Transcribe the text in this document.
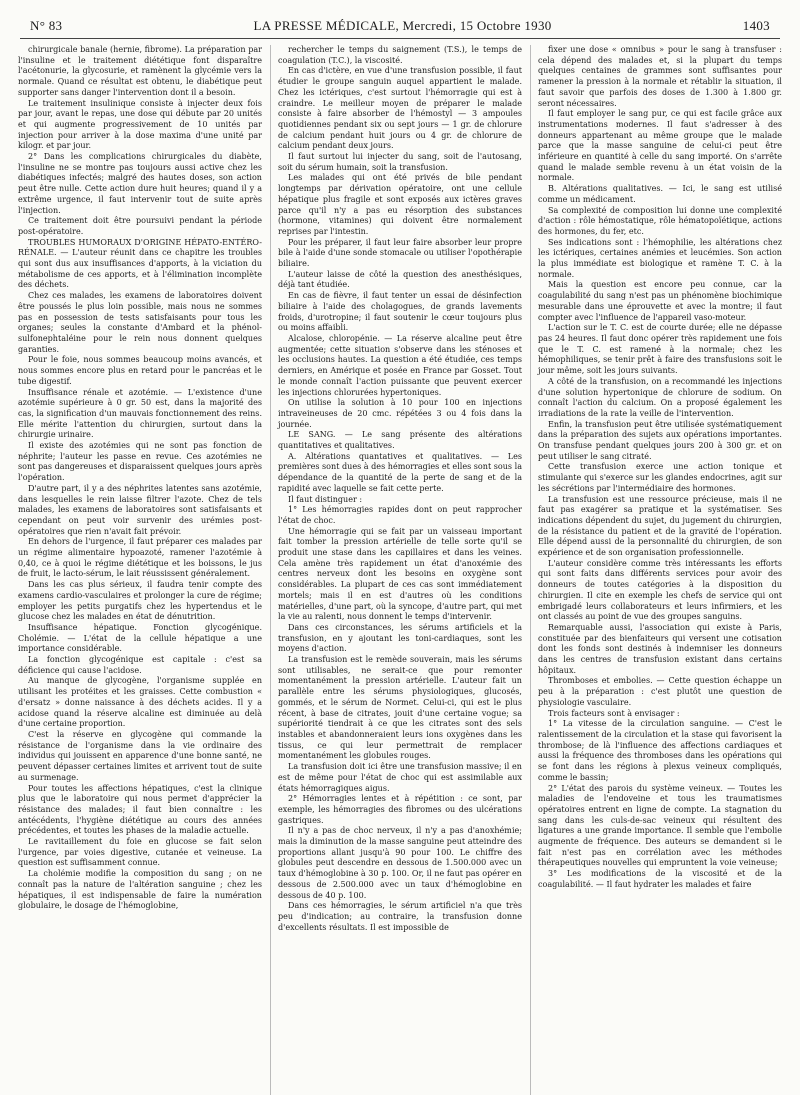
N° 83	LA PRESSE MÉDICALE, Mercredi, 15 Octobre 1930	1403

chirurgicale banale (hernie, fibrome). La préparation par l'insuline et le traitement diététique font disparaître l'acétonurie, la glycosurie, et ramènent la glycémie vers la normale. Quand ce résultat est obtenu, le diabétique peut supporter sans danger l'intervention dont il a besoin.

Le traitement insulinique consiste à injecter deux fois par jour, avant le repas, une dose qui débute par 20 unités et qui augmente progressivement de 10 unités par injection pour arriver à la dose maxima d'une unité par kilogr. et par jour.

2° Dans les complications chirurgicales du diabète, l'insuline ne se montre pas toujours aussi active chez les diabétiques infectés; malgré des hautes doses, son action peut être nulle. Cette action dure huit heures; quand il y a extrême urgence, il faut intervenir tout de suite après l'injection.

Ce traitement doit être poursuivi pendant la période post-opératoire.

TROUBLES HUMORAUX D'ORIGINE HÉPATO-ENTÉRO-RÉNALE. — L'auteur réunit dans ce chapitre les troubles qui sont dus aux insuffisances d'apports, à la viciation du métabolisme de ces apports, et à l'élimination incomplète des déchets.

Chez ces malades, les examens de laboratoires doivent être poussés le plus loin possible, mais nous ne sommes pas en possession de tests satisfaisants pour tous les organes; seules la constante d'Ambard et la phénol-sulfonephtaléine pour le rein nous donnent quelques garanties.

Pour le foie, nous sommes beaucoup moins avancés, et nous sommes encore plus en retard pour le pancréas et le tube digestif.

Insuffisance rénale et azotémie. — L'existence d'une azotémie supérieure à 0 gr. 50 est, dans la majorité des cas, la signification d'un mauvais fonctionnement des reins. Elle mérite l'attention du chirurgien, surtout dans la chirurgie urinaire.

Il existe des azotémies qui ne sont pas fonction de néphrite; l'auteur les passe en revue. Ces azotémies ne sont pas dangereuses et disparaissent quelques jours après l'opération.

D'autre part, il y a des néphrites latentes sans azotémie, dans lesquelles le rein laisse filtrer l'azote. Chez de tels malades, les examens de laboratoires sont satisfaisants et cependant on peut voir survenir des urémies post-opératoires que rien n'avait fait prévoir.

En dehors de l'urgence, il faut préparer ces malades par un régime alimentaire hypoazoté, ramener l'azotémie à 0,40, ce à quoi le régime diététique et les boissons, le jus de fruit, le lacto-sérum, le lait réussissent généralement.

Dans les cas plus sérieux, il faudra tenir compte des examens cardio-vasculaires et prolonger la cure de régime; employer les petits purgatifs chez les hypertendus et le glucose chez les malades en état de dénutrition.

Insuffisance hépatique. Fonction glycogénique. Cholémie. — L'état de la cellule hépatique a une importance considérable.

La fonction glycogénique est capitale : c'est sa déficience qui cause l'acidose.

Au manque de glycogène, l'organisme supplée en utilisant les protéites et les graisses. Cette combustion « d'ersatz » donne naissance à des déchets acides. Il y a acidose quand la réserve alcaline est diminuée au delà d'une certaine proportion.

C'est la réserve en glycogène qui commande la résistance de l'organisme dans la vie ordinaire des individus qui jouissent en apparence d'une bonne santé, ne peuvent dépasser certaines limites et arrivent tout de suite au surmenage.

Pour toutes les affections hépatiques, c'est la clinique plus que le laboratoire qui nous permet d'apprécier la résistance des malades; il faut bien connaître : les antécédents, l'hygiène diététique au cours des années précédentes, et toutes les phases de la maladie actuelle.

Le ravitaillement du foie en glucose se fait selon l'urgence, par voies digestive, cutanée et veineuse. La question est suffisamment connue.

La cholémie modifie la composition du sang ; on ne connaît pas la nature de l'altération sanguine ; chez les hépatiques, il est indispensable de faire la numération globulaire, le dosage de l'hémoglobine,

rechercher le temps du saignement (T.S.), le temps de coagulation (T.C.), la viscosité.

En cas d'ictère, en vue d'une transfusion possible, il faut étudier le groupe sanguin auquel appartient le malade. Chez les ictériques, c'est surtout l'hémorragie qui est à craindre. Le meilleur moyen de préparer le malade consiste à faire absorber de l'hémostyl — 3 ampoules quotidiennes pendant six ou sept jours — 1 gr. de chlorure de calcium pendant huit jours ou 4 gr. de chlorure de calcium pendant deux jours.

Il faut surtout lui injecter du sang, soit de l'autosang, soit du sérum humain, soit la transfusion.

Les malades qui ont été privés de bile pendant longtemps par dérivation opératoire, ont une cellule hépatique plus fragile et sont exposés aux ictères graves parce qu'il n'y a pas eu résorption des substances (hormone, vitamines) qui doivent être normalement reprises par l'intestin.

Pour les préparer, il faut leur faire absorber leur propre bile à l'aide d'une sonde stomacale ou utiliser l'opothérapie biliaire.

L'auteur laisse de côté la question des anesthésiques, déjà tant étudiée.

En cas de fièvre, il faut tenter un essai de désinfection biliaire à l'aide des cholagogues, de grands lavements froids, d'urotropine; il faut soutenir le cœur toujours plus ou moins affaibli.

Alcalose, chloropénie. — La réserve alcaline peut être augmentée; cette situation s'observe dans les sténoses et les occlusions hautes. La question a été étudiée, ces temps derniers, en Amérique et posée en France par Gosset. Tout le monde connaît l'action puissante que peuvent exercer les injections chlorurées hypertoniques.

On utilise la solution à 10 pour 100 en injections intraveineuses de 20 cmc. répétées 3 ou 4 fois dans la journée.

LE SANG. — Le sang présente des altérations quantitatives et qualitatives.

A. Altérations quantatives et qualitatives. — Les premières sont dues à des hémorragies et elles sont sous la dépendance de la quantité de la perte de sang et de la rapidité avec laquelle se fait cette perte.

Il faut distinguer :

1° Les hémorragies rapides dont on peut rapprocher l'état de choc.

Une hémorragie qui se fait par un vaisseau important fait tomber la pression artérielle de telle sorte qu'il se produit une stase dans les capillaires et dans les veines. Cela amène très rapidement un état d'anoxémie des centres nerveux dont les besoins en oxygène sont considérables. La plupart de ces cas sont immédiatement mortels; mais il en est d'autres où les conditions matérielles, d'une part, où la syncope, d'autre part, qui met la vie au ralenti, nous donnent le temps d'intervenir.

Dans ces circonstances, les sérums artificiels et la transfusion, en y ajoutant les toni-cardiaques, sont les moyens d'action.

La transfusion est le remède souverain, mais les sérums sont utilisables, ne serait-ce que pour remonter momentanément la pression artérielle. L'auteur fait un parallèle entre les sérums physiologiques, glucosés, gommés, et le sérum de Normet. Celui-ci, qui est le plus récent, à base de citrates, jouit d'une certaine vogue; sa supériorité tiendrait à ce que les citrates sont des sels instables et abandonneraient leurs ions oxygènes dans les tissus, ce qui leur permettrait de remplacer momentanément les globules rouges.

La transfusion doit ici être une transfusion massive; il en est de même pour l'état de choc qui est assimilable aux états hémorragiques aigus.

2° Hémorragies lentes et à répétition : ce sont, par exemple, les hémorragies des fibromes ou des ulcérations gastriques.

Il n'y a pas de choc nerveux, il n'y a pas d'anoxhémie; mais la diminution de la masse sanguine peut atteindre des proportions allant jusqu'à 90 pour 100. Le chiffre des globules peut descendre en dessous de 1.500.000 avec un taux d'hémoglobine à 30 p. 100. Or, il ne faut pas opérer en dessous de 2.500.000 avec un taux d'hémoglobine en dessous de 40 p. 100.

Dans ces hémorragies, le sérum artificiel n'a que très peu d'indication; au contraire, la transfusion donne d'excellents résultats. Il est impossible de

fixer une dose « omnibus » pour le sang à transfuser : cela dépend des malades et, si la plupart du temps quelques centaines de grammes sont suffisantes pour ramener la pression à la normale et rétablir la situation, il faut savoir que parfois des doses de 1.300 à 1.800 gr. seront nécessaires.

Il faut employer le sang pur, ce qui est facile grâce aux instrumentations modernes. Il faut s'adresser à des donneurs appartenant au même groupe que le malade parce que la masse sanguine de celui-ci peut être inférieure en quantité à celle du sang importé. On s'arrête quand le malade semble revenu à un état voisin de la normale.

B. Altérations qualitatives. — Ici, le sang est utilisé comme un médicament.

Sa complexité de composition lui donne une complexité d'action : rôle hémostatique, rôle hématopoïétique, actions des hormones, du fer, etc.

Ses indications sont : l'hémophilie, les altérations chez les ictériques, certaines anémies et leucémies. Son action la plus immédiate est biologique et ramène T. C. à la normale.

Mais la question est encore peu connue, car la coagulabilité du sang n'est pas un phénomène biochimique mesurable dans une éprouvette et avec la montre; il faut compter avec l'influence de l'appareil vaso-moteur.

L'action sur le T. C. est de courte durée; elle ne dépasse pas 24 heures. Il faut donc opérer très rapidement une fois que le T. C. est ramené à la normale; chez les hémophiliques, se tenir prêt à faire des transfusions soit le jour même, soit les jours suivants.

A côté de la transfusion, on a recommandé les injections d'une solution hypertonique de chlorure de sodium. On connaît l'action du calcium. On a proposé également les irradiations de la rate la veille de l'intervention.

Enfin, la transfusion peut être utilisée systématiquement dans la préparation des sujets aux opérations importantes. On transfuse pendant quelques jours 200 à 300 gr. et on peut utiliser le sang citraté.

Cette transfusion exerce une action tonique et stimulante qui s'exerce sur les glandes endocrines, agit sur les sécrétions par l'intermédiaire des hormones.

La transfusion est une ressource précieuse, mais il ne faut pas exagérer sa pratique et la systématiser. Ses indications dépendent du sujet, du jugement du chirurgien, de la résistance du patient et de la gravité de l'opération. Elle dépend aussi de la personnalité du chirurgien, de son expérience et de son organisation professionnelle.

L'auteur considère comme très intéressants les efforts qui sont faits dans différents services pour avoir des donneurs de toutes catégories à la disposition du chirurgien. Il cite en exemple les chefs de service qui ont embrigadé leurs collaborateurs et leurs infirmiers, et les ont classés au point de vue des groupes sanguins.

Remarquable aussi, l'association qui existe à Paris, constituée par des bienfaiteurs qui versent une cotisation dont les fonds sont destinés à indemniser les donneurs dans les centres de transfusion existant dans certains hôpitaux.

Thromboses et embolies. — Cette question échappe un peu à la préparation : c'est plutôt une question de physiologie vasculaire.

Trois facteurs sont à envisager :

1° La vitesse de la circulation sanguine. — C'est le ralentissement de la circulation et la stase qui favorisent la thrombose; de là l'influence des affections cardiaques et aussi la fréquence des thromboses dans les opérations qui se font dans les régions à plexus veineux compliqués, comme le bassin;

2° L'état des parois du système veineux. — Toutes les maladies de l'endoveine et tous les traumatismes opératoires entrent en ligne de compte. La stagnation du sang dans les culs-de-sac veineux qui résultent des ligatures a une grande importance. Il semble que l'embolie augmente de fréquence. Des auteurs se demandent si le fait n'est pas en corrélation avec les méthodes thérapeutiques nouvelles qui empruntent la voie veineuse;

3° Les modifications de la viscosité et de la coagulabilité. — Il faut hydrater les malades et faire
